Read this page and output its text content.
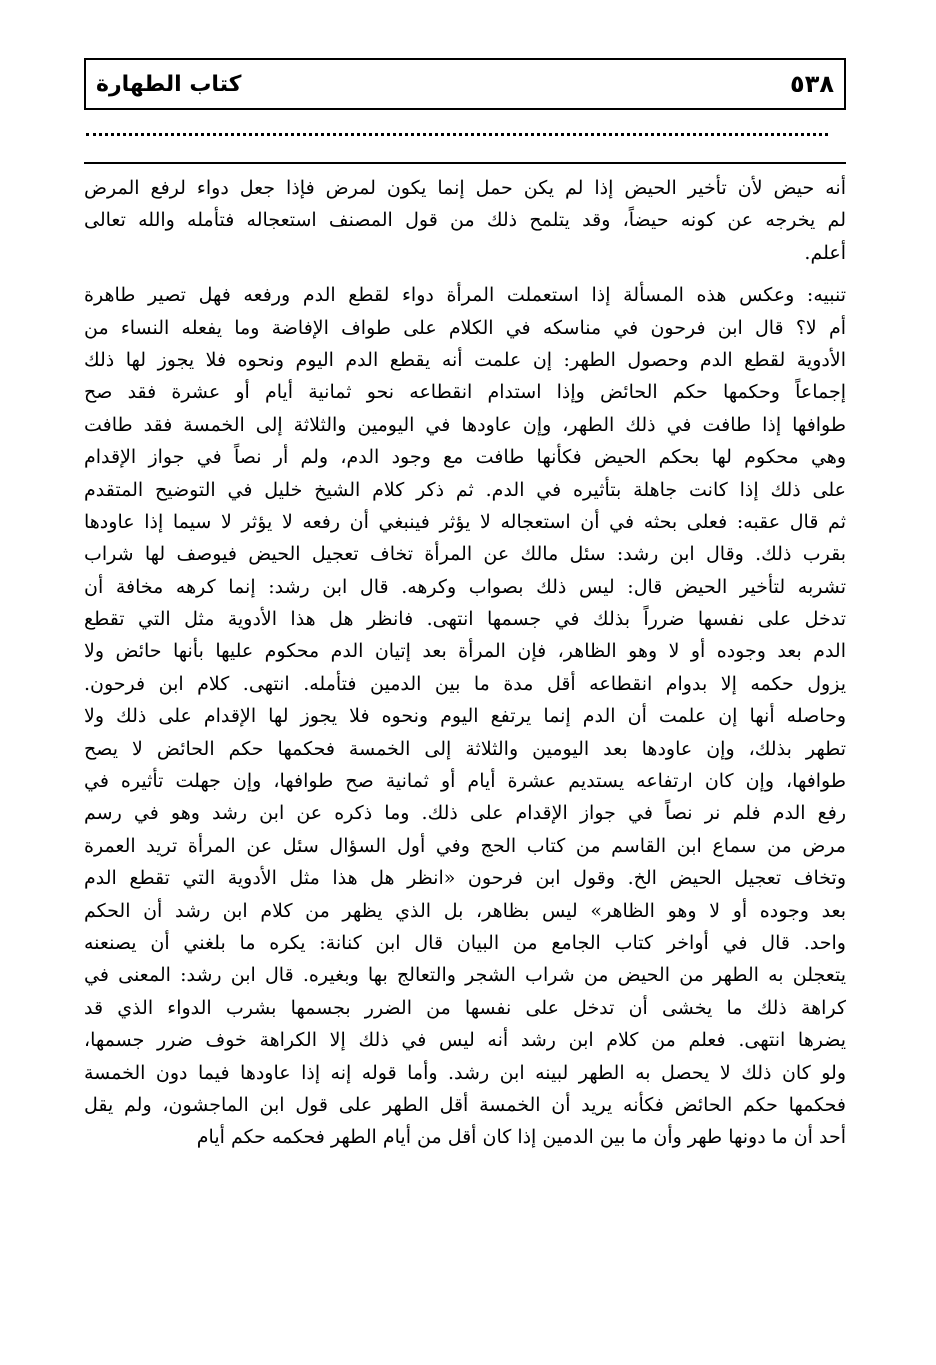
٥٣٨
كتاب الطهارة
أنه حيض لأن تأخير الحيض إذا لم يكن حمل إنما يكون لمرض فإذا جعل دواء لرفع المرض
لم يخرجه عن كونه حيضاً، وقد يتلمح ذلك من قول المصنف استعجاله فتأمله والله تعالى
أعلم.
تنبيه: وعكس هذه المسألة إذا استعملت المرأة دواء لقطع الدم ورفعه فهل تصير طاهرة
أم لا؟ قال ابن فرحون في مناسكه في الكلام على طواف الإفاضة وما يفعله النساء من
الأدوية لقطع الدم وحصول الطهر: إن علمت أنه يقطع الدم اليوم ونحوه فلا يجوز لها ذلك
إجماعاً وحكمها حكم الحائض وإذا استدام انقطاعه نحو ثمانية أيام أو عشرة فقد صح
طوافها إذا طافت في ذلك الطهر، وإن عاودها في اليومين والثلاثة إلى الخمسة فقد طافت
وهي محكوم لها بحكم الحيض فكأنها طافت مع وجود الدم، ولم أر نصاً في جواز الإقدام
على ذلك إذا كانت جاهلة بتأثيره في الدم. ثم ذكر كلام الشيخ خليل في التوضيح المتقدم
ثم قال عقبه: فعلى بحثه في أن استعجاله لا يؤثر فينبغي أن رفعه لا يؤثر لا سيما إذا عاودها
بقرب ذلك. وقال ابن رشد: سئل مالك عن المرأة تخاف تعجيل الحيض فيوصف لها شراب
تشربه لتأخير الحيض قال: ليس ذلك بصواب وكرهه. قال ابن رشد: إنما كرهه مخافة أن
تدخل على نفسها ضرراً بذلك في جسمها انتهى. فانظر هل هذا الأدوية مثل التي تقطع
الدم بعد وجوده أو لا وهو الظاهر، فإن المرأة بعد إتيان الدم محكوم عليها بأنها حائض ولا
يزول حكمه إلا بدوام انقطاعه أقل مدة ما بين الدمين فتأمله. انتهى. كلام ابن فرحون.
وحاصله أنها إن علمت أن الدم إنما يرتفع اليوم ونحوه فلا يجوز لها الإقدام على ذلك ولا
تطهر بذلك، وإن عاودها بعد اليومين والثلاثة إلى الخمسة فحكمها حكم الحائض لا يصح
طوافها، وإن كان ارتفاعه يستديم عشرة أيام أو ثمانية صح طوافها، وإن جهلت تأثيره في
رفع الدم فلم نر نصاً في جواز الإقدام على ذلك. وما ذكره عن ابن رشد وهو في رسم
مرض من سماع ابن القاسم من كتاب الحج وفي أول السؤال سئل عن المرأة تريد العمرة
وتخاف تعجيل الحيض الخ. وقول ابن فرحون «انظر هل هذا مثل الأدوية التي تقطع الدم
بعد وجوده أو لا وهو الظاهر» ليس بظاهر، بل الذي يظهر من كلام ابن رشد أن الحكم
واحد. قال في أواخر كتاب الجامع من البيان قال ابن كنانة: يكره ما بلغني أن يصنعنه
يتعجلن به الطهر من الحيض من شراب الشجر والتعالج بها وبغيره. قال ابن رشد: المعنى في
كراهة ذلك ما يخشى أن تدخل على نفسها من الضرر بجسمها بشرب الدواء الذي قد
يضرها انتهى. فعلم من كلام ابن رشد أنه ليس في ذلك إلا الكراهة خوف ضرر جسمها،
ولو كان ذلك لا يحصل به الطهر لبينه ابن رشد. وأما قوله إنه إذا عاودها فيما دون الخمسة
فحكمها حكم الحائض فكأنه يريد أن الخمسة أقل الطهر على قول ابن الماجشون، ولم يقل
أحد أن ما دونها طهر وأن ما بين الدمين إذا كان أقل من أيام الطهر فحكمه حكم أيام
